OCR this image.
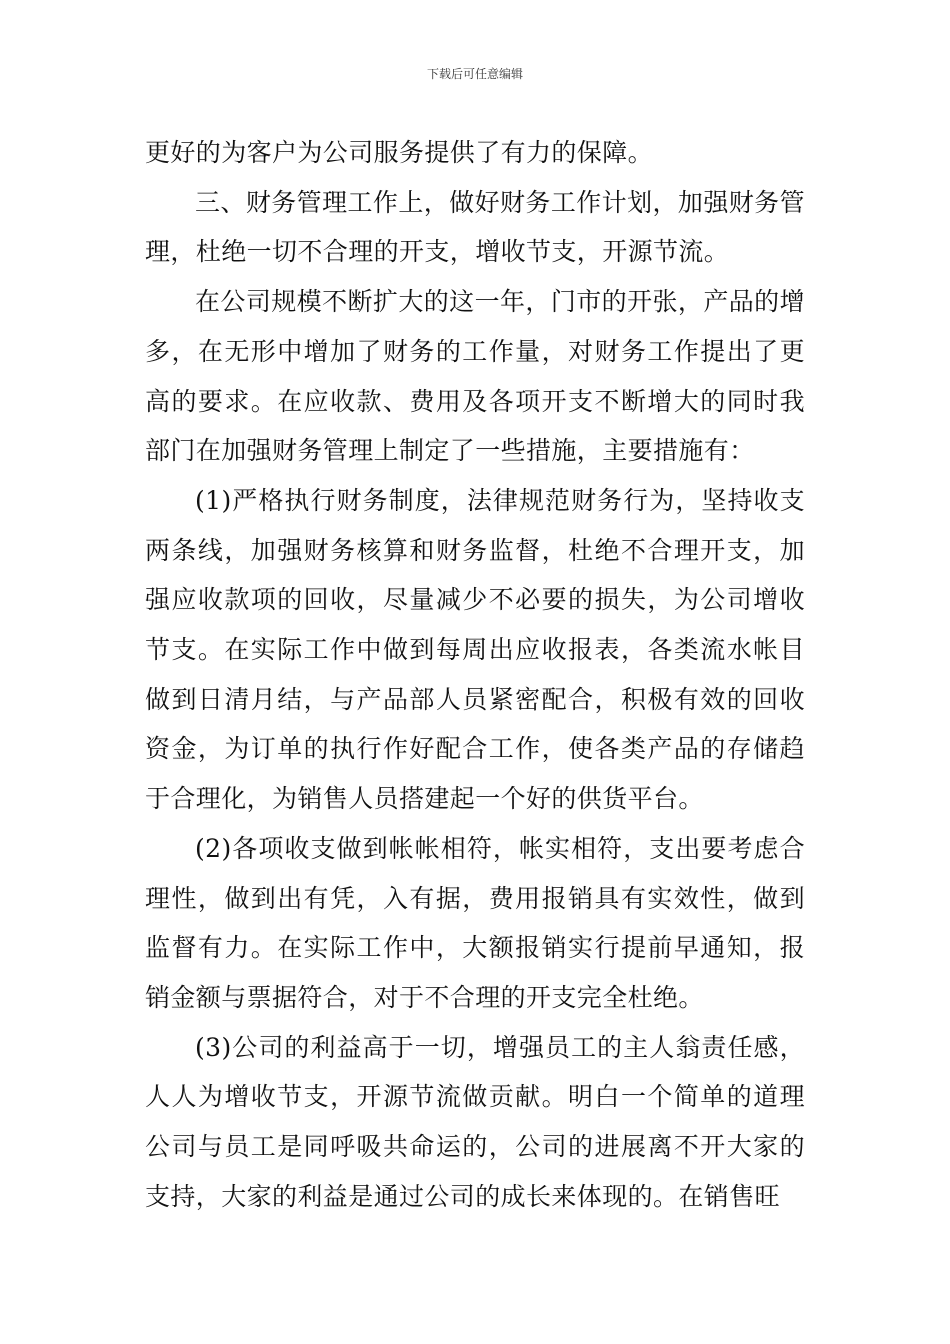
下载后可任意编辑

更好的为客户为公司服务提供了有力的保障。

三、财务管理工作上，做好财务工作计划，加强财务管理，杜绝一切不合理的开支，增收节支，开源节流。

在公司规模不断扩大的这一年，门市的开张，产品的增多，在无形中增加了财务的工作量，对财务工作提出了更高的要求。在应收款、费用及各项开支不断增大的同时我部门在加强财务管理上制定了一些措施，主要措施有：

(1)严格执行财务制度，法律规范财务行为，坚持收支两条线，加强财务核算和财务监督，杜绝不合理开支，加强应收款项的回收，尽量减少不必要的损失，为公司增收节支。在实际工作中做到每周出应收报表，各类流水帐目做到日清月结，与产品部人员紧密配合，积极有效的回收资金，为订单的执行作好配合工作，使各类产品的存储趋于合理化，为销售人员搭建起一个好的供货平台。

(2)各项收支做到帐帐相符，帐实相符，支出要考虑合理性，做到出有凭，入有据，费用报销具有实效性，做到监督有力。在实际工作中，大额报销实行提前早通知，报销金额与票据符合，对于不合理的开支完全杜绝。

(3)公司的利益高于一切，增强员工的主人翁责任感，人人为增收节支，开源节流做贡献。明白一个简单的道理公司与员工是同呼吸共命运的，公司的进展离不开大家的支持，大家的利益是通过公司的成长来体现的。在销售旺
